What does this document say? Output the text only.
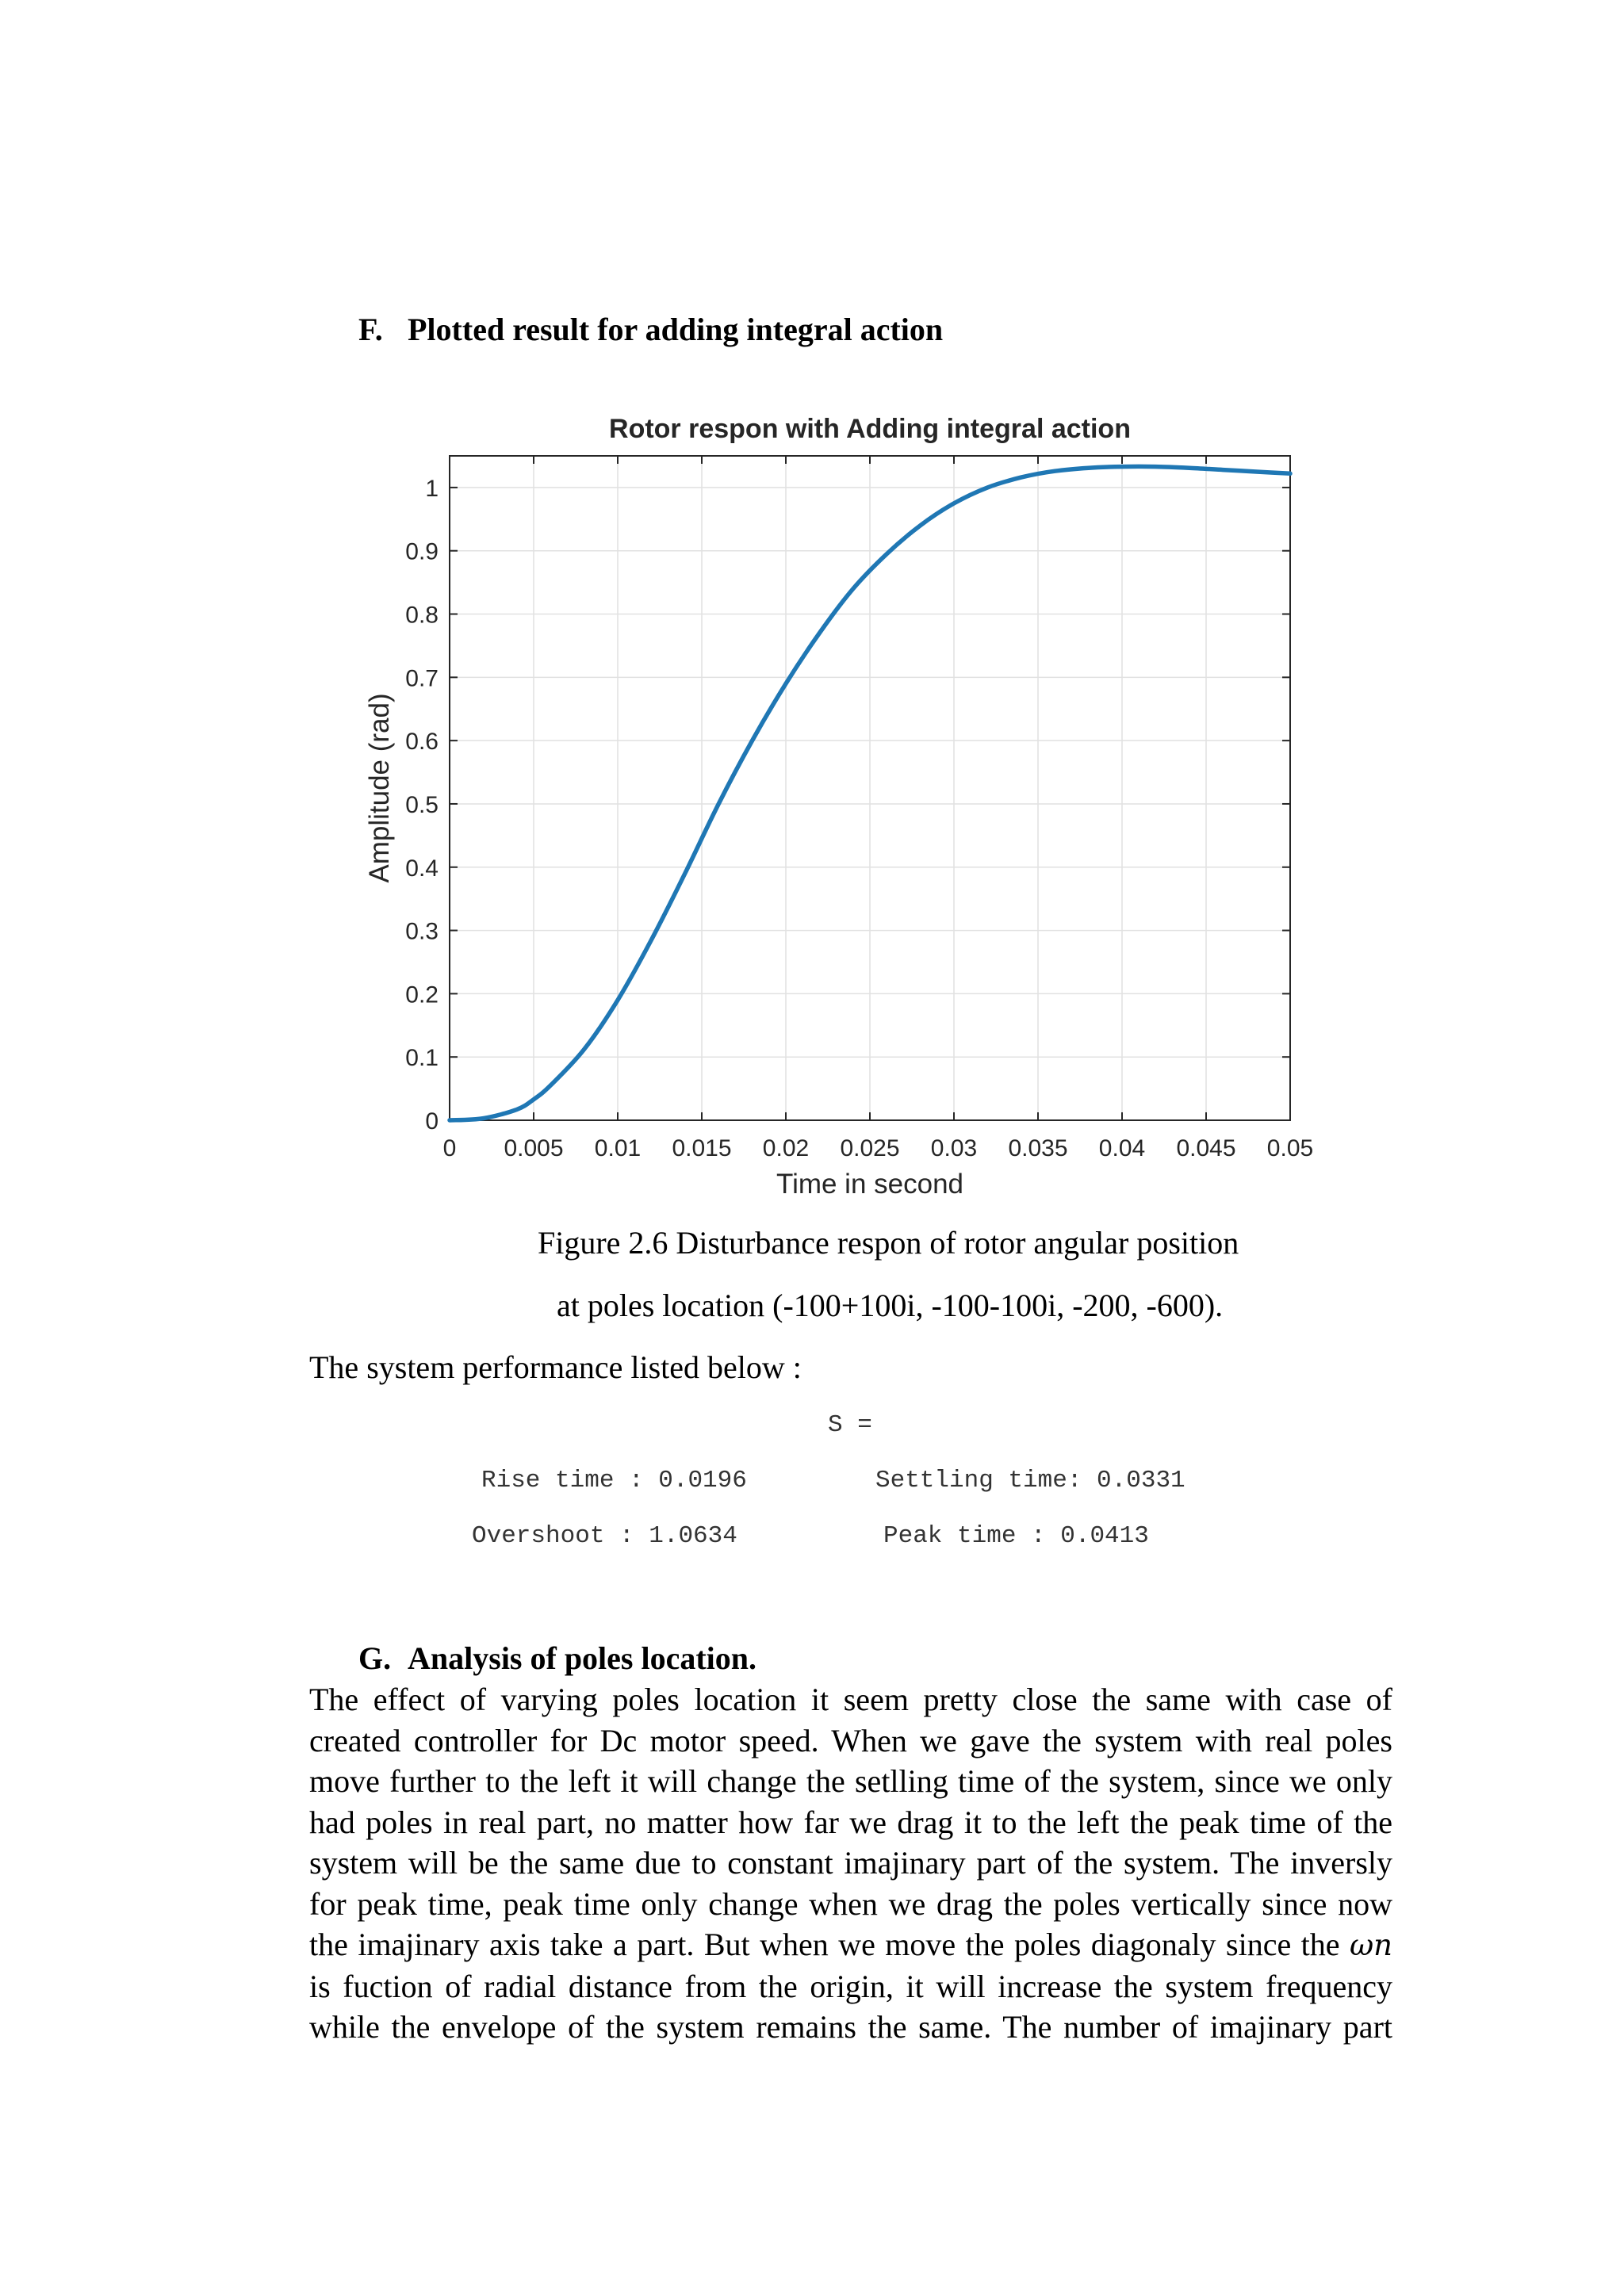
F. Plotted result for adding integral action
Rotor respon with Adding integral action
0 0.005 0.01 0.015 0.02 0.025 0.03 0.035 0.04 0.045 0.05
0
0.1
0.2
0.3
0.4
0.5
0.6
0.7
0.8
0.9
1
Time in second
Amplitude (rad)
Figure 2.6 Disturbance respon of rotor angular position
at poles location (-100+100i, -100-100i, -200, -600).
The system performance listed below :
S =
Rise time : 0.0196	Settling time: 0.0331
Overshoot : 1.0634	Peak time : 0.0413
G. Analysis of poles location.
The effect of varying poles location it seem pretty close the same with case of
created controller for Dc motor speed. When we gave the system with real poles
move further to the left it will change the setlling time of the system, since we only
had poles in real part, no matter how far we drag it to the left the peak time of the
system will be the same due to constant imajinary part of the system. The inversly
for peak time, peak time only change when we drag the poles vertically since now
the imajinary axis take a part. But when we move the poles diagonaly since the ωn
is fuction of radial distance from the origin, it will increase the system frequency
while the envelope of the system remains the same. The number of imajinary part
